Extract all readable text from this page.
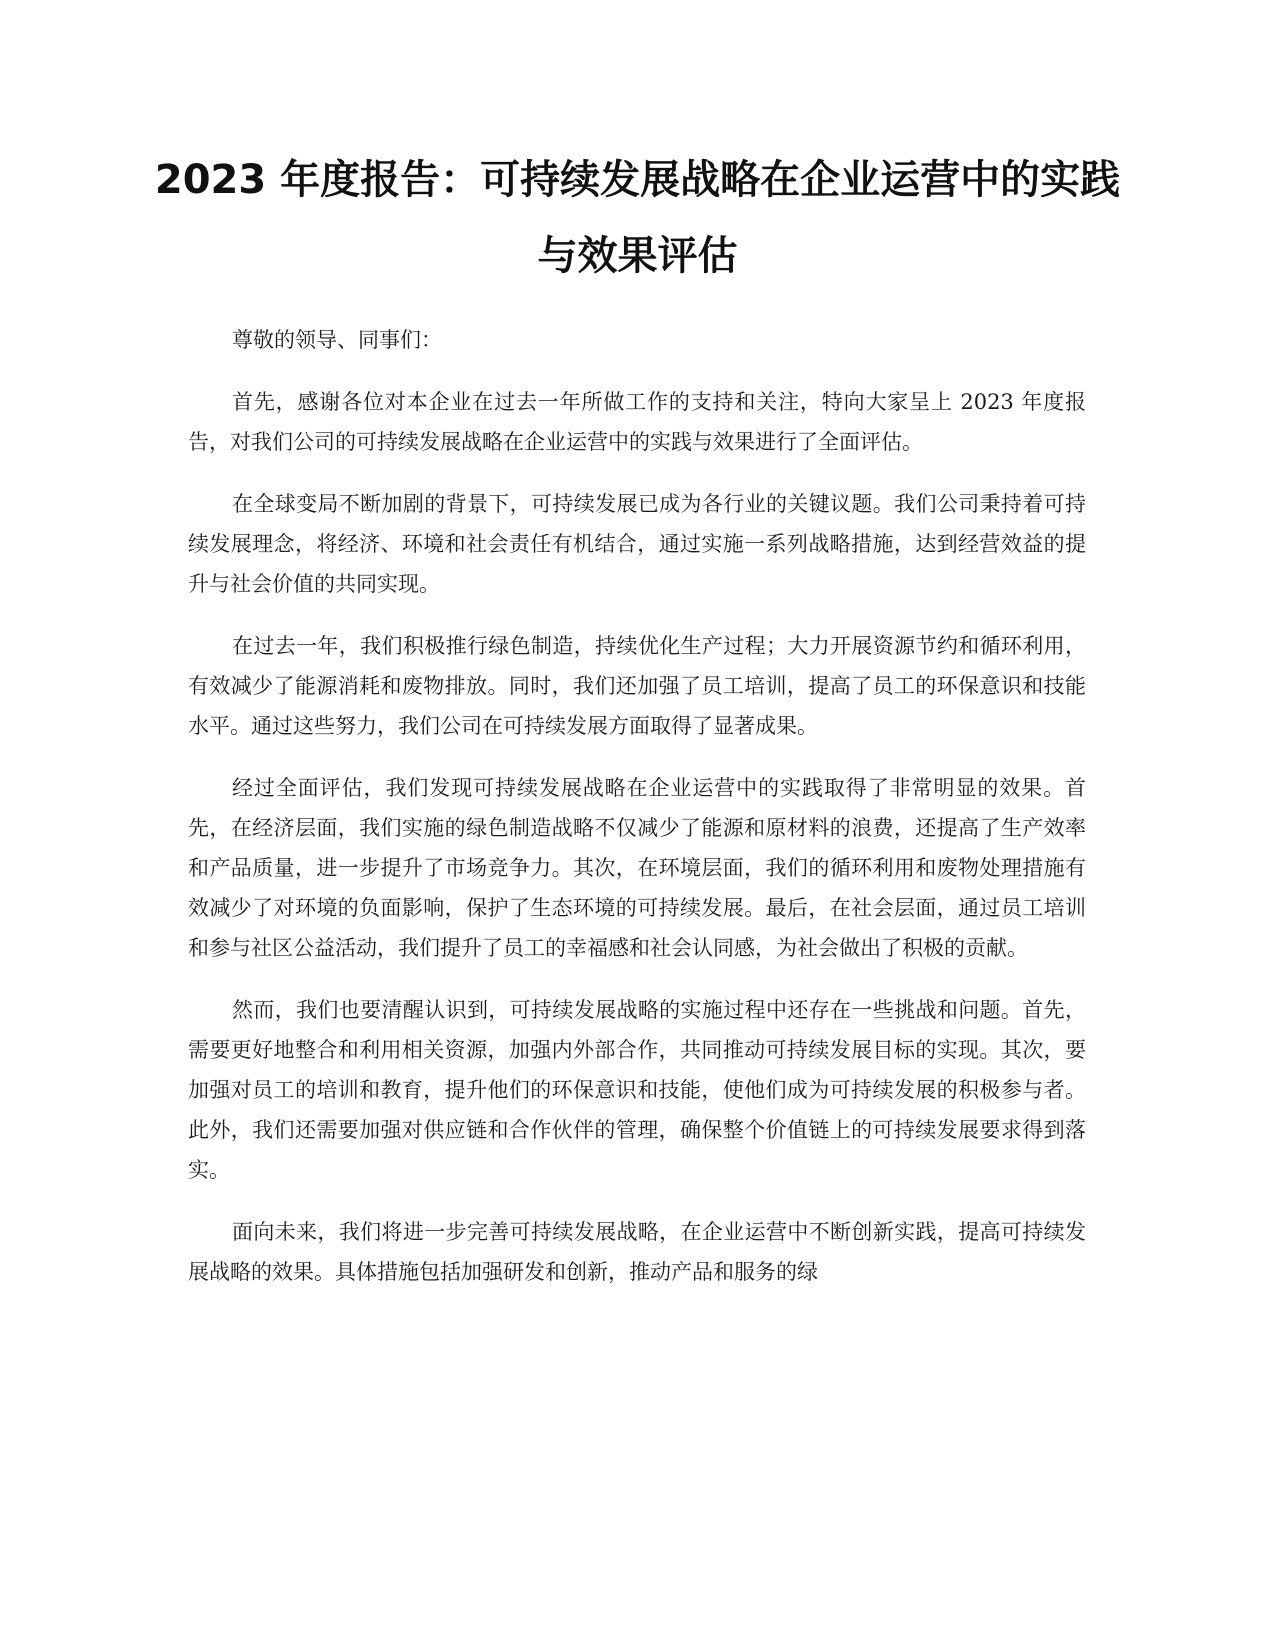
2023 年度报告：可持续发展战略在企业运营中的实践与效果评估

尊敬的领导、同事们：

首先，感谢各位对本企业在过去一年所做工作的支持和关注，特向大家呈上 2023 年度报告，对我们公司的可持续发展战略在企业运营中的实践与效果进行了全面评估。

在全球变局不断加剧的背景下，可持续发展已成为各行业的关键议题。我们公司秉持着可持续发展理念，将经济、环境和社会责任有机结合，通过实施一系列战略措施，达到经营效益的提升与社会价值的共同实现。

在过去一年，我们积极推行绿色制造，持续优化生产过程；大力开展资源节约和循环利用，有效减少了能源消耗和废物排放。同时，我们还加强了员工培训，提高了员工的环保意识和技能水平。通过这些努力，我们公司在可持续发展方面取得了显著成果。

经过全面评估，我们发现可持续发展战略在企业运营中的实践取得了非常明显的效果。首先，在经济层面，我们实施的绿色制造战略不仅减少了能源和原材料的浪费，还提高了生产效率和产品质量，进一步提升了市场竞争力。其次，在环境层面，我们的循环利用和废物处理措施有效减少了对环境的负面影响，保护了生态环境的可持续发展。最后，在社会层面，通过员工培训和参与社区公益活动，我们提升了员工的幸福感和社会认同感，为社会做出了积极的贡献。

然而，我们也要清醒认识到，可持续发展战略的实施过程中还存在一些挑战和问题。首先，需要更好地整合和利用相关资源，加强内外部合作，共同推动可持续发展目标的实现。其次，要加强对员工的培训和教育，提升他们的环保意识和技能，使他们成为可持续发展的积极参与者。此外，我们还需要加强对供应链和合作伙伴的管理，确保整个价值链上的可持续发展要求得到落实。

面向未来，我们将进一步完善可持续发展战略，在企业运营中不断创新实践，提高可持续发展战略的效果。具体措施包括加强研发和创新，推动产品和服务的绿
